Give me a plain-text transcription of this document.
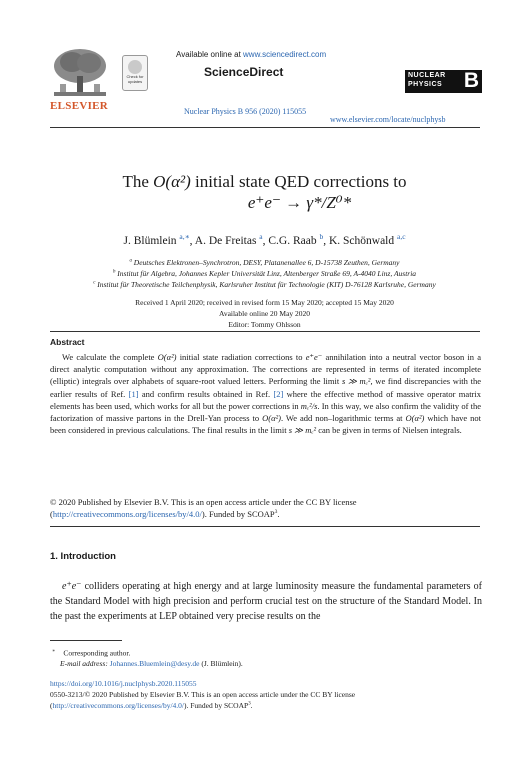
ELSEVIER
Check for updates
Available online at www.sciencedirect.com
ScienceDirect
Nuclear Physics B 956 (2020) 115055
NUCLEAR
PHYSICS B
www.elsevier.com/locate/nuclphysb
The O(α²) initial state QED corrections to
e⁺e⁻ → γ*/Z⁰*
J. Blümlein $^{a,∗}$, A. De Freitas $^a$, C.G. Raab $^b$, K. Schönwald $^{a,c}$
$^a$ Deutsches Elektronen–Synchrotron, DESY, Platanenallee 6, D-15738 Zeuthen, Germany
$^b$ Institut für Algebra, Johannes Kepler Universität Linz, Altenberger Straße 69, A-4040 Linz, Austria
$^c$ Institut für Theoretische Teilchenphysik, Karlsruher Institut für Technologie (KIT) D-76128 Karlsruhe, Germany
Received 1 April 2020; received in revised form 15 May 2020; accepted 15 May 2020
Available online 20 May 2020
Editor: Tommy Ohlsson
Abstract
We calculate the complete O(α²) initial state radiation corrections to e⁺e⁻ annihilation into a neutral vector boson in a direct analytic computation without any approximation. The corrections are represented in terms of iterated incomplete (elliptic) integrals over alphabets of square-root valued letters. Performing the limit s ≫ mₑ², we find discrepancies with the earlier results of Ref. [1] and confirm results obtained in Ref. [2] where the effective method of massive operator matrix elements has been used, which works for all but the power corrections in mₑ²/s. In this way, we also confirm the validity of the factorization of massive partons in the Drell-Yan process to O(α²). We add non–logarithmic terms at O(α²) which have not been considered in previous calculations. The final results in the limit s ≫ mₑ² can be given in terms of Nielsen integrals.
© 2020 Published by Elsevier B.V. This is an open access article under the CC BY license
(http://creativecommons.org/licenses/by/4.0/). Funded by SCOAP$^3$.
1. Introduction
e⁺e⁻ colliders operating at high energy and at large luminosity measure the fundamental parameters of the Standard Model with high precision and perform crucial test on the structure of the Standard Model. In the past the experiments at LEP obtained very precise results on the
∗ Corresponding author.
E-mail address: Johannes.Bluemlein@desy.de (J. Blümlein).
https://doi.org/10.1016/j.nuclphysb.2020.115055
0550-3213/© 2020 Published by Elsevier B.V. This is an open access article under the CC BY license
(http://creativecommons.org/licenses/by/4.0/). Funded by SCOAP$^3$.
